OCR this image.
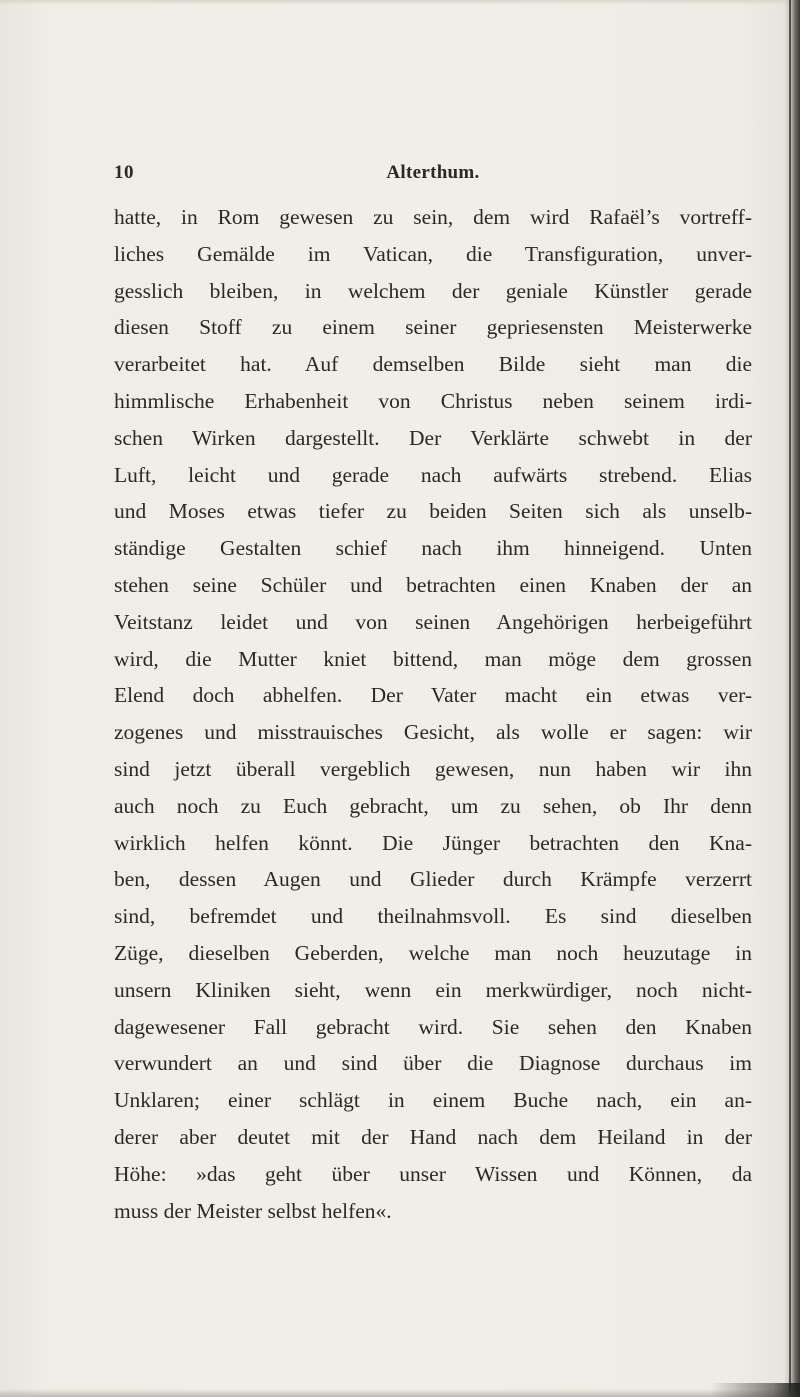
10	Alterthum.
hatte, in Rom gewesen zu sein, dem wird Rafaël’s vortreff-
liches Gemälde im Vatican, die Transfiguration, unver-
gesslich bleiben, in welchem der geniale Künstler gerade
diesen Stoff zu einem seiner gepriesensten Meisterwerke
verarbeitet hat. Auf demselben Bilde sieht man die
himmlische Erhabenheit von Christus neben seinem irdi-
schen Wirken dargestellt. Der Verklärte schwebt in der
Luft, leicht und gerade nach aufwärts strebend. Elias
und Moses etwas tiefer zu beiden Seiten sich als unselb-
ständige Gestalten schief nach ihm hinneigend. Unten
stehen seine Schüler und betrachten einen Knaben der an
Veitstanz leidet und von seinen Angehörigen herbeigeführt
wird, die Mutter kniet bittend, man möge dem grossen
Elend doch abhelfen. Der Vater macht ein etwas ver-
zogenes und misstrauisches Gesicht, als wolle er sagen: wir
sind jetzt überall vergeblich gewesen, nun haben wir ihn
auch noch zu Euch gebracht, um zu sehen, ob Ihr denn
wirklich helfen könnt. Die Jünger betrachten den Kna-
ben, dessen Augen und Glieder durch Krämpfe verzerrt
sind, befremdet und theilnahmsvoll. Es sind dieselben
Züge, dieselben Geberden, welche man noch heuzutage in
unsern Kliniken sieht, wenn ein merkwürdiger, noch nicht-
dagewesener Fall gebracht wird. Sie sehen den Knaben
verwundert an und sind über die Diagnose durchaus im
Unklaren; einer schlägt in einem Buche nach, ein an-
derer aber deutet mit der Hand nach dem Heiland in der
Höhe: »das geht über unser Wissen und Können, da
muss der Meister selbst helfen«.
